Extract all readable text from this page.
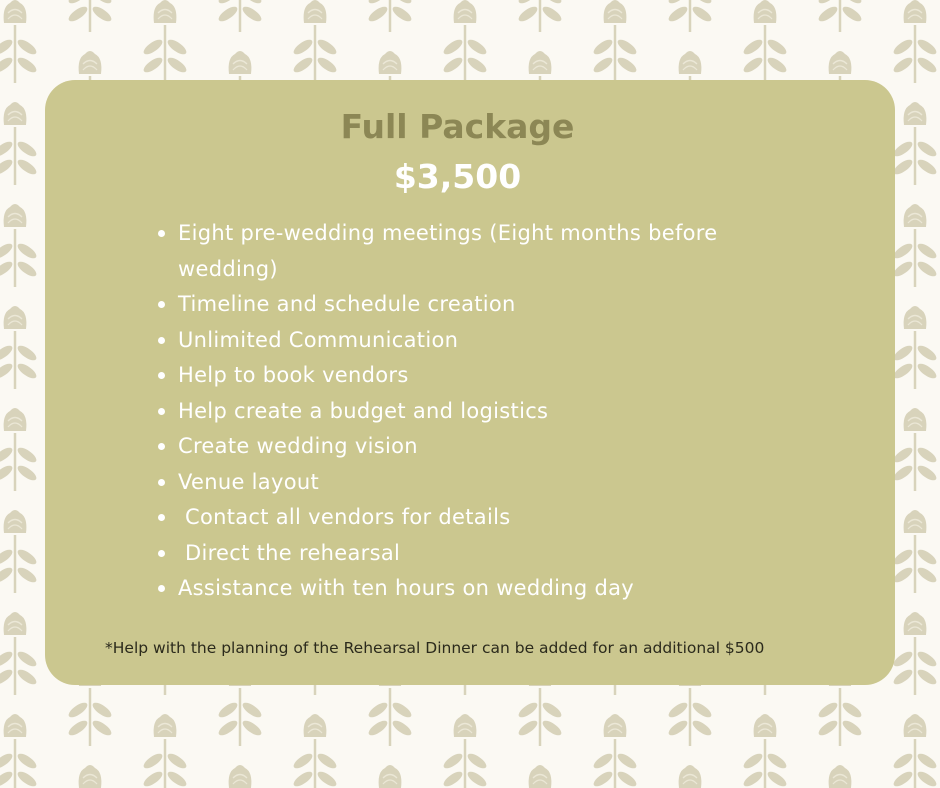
Full Package
$3,500
Eight pre-wedding meetings (Eight months before wedding)
Timeline and schedule creation
Unlimited Communication
Help to book vendors
Help create a budget and logistics
Create wedding vision
Venue layout
Contact all vendors for details
Direct the rehearsal
Assistance with ten hours on wedding day

*Help with the planning of the Rehearsal Dinner can be added for an additional $500
